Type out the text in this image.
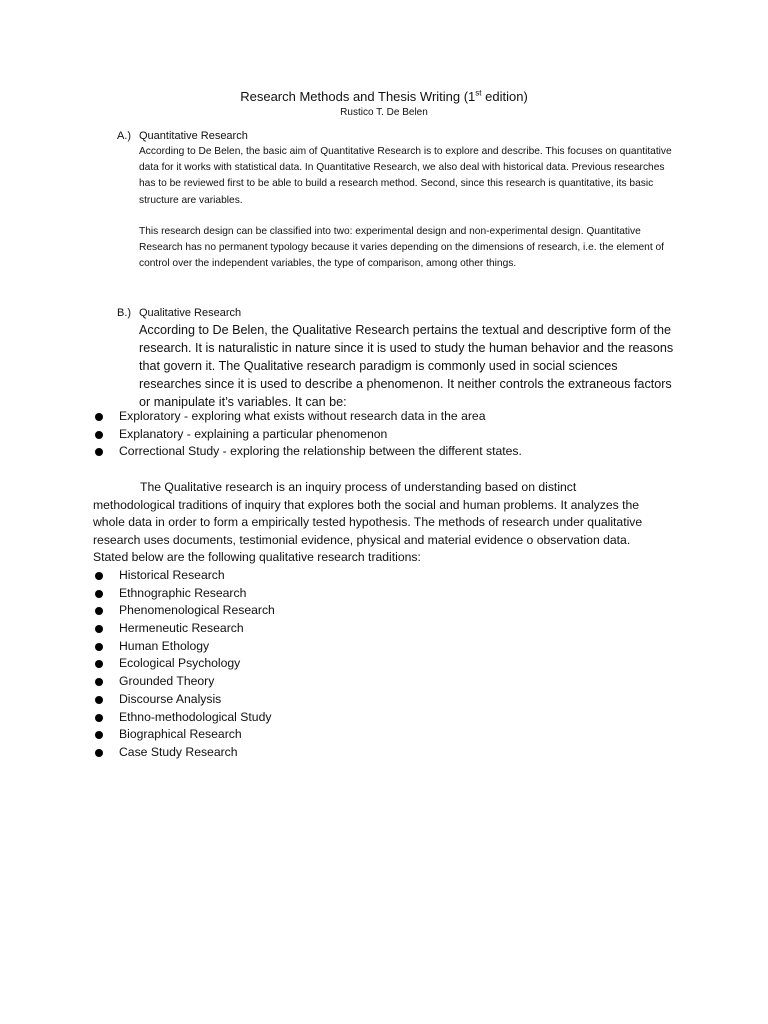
Research Methods and Thesis Writing (1st edition)
Rustico T. De Belen
A.) Quantitative Research

According to De Belen, the basic aim of Quantitative Research is to explore and describe. This focuses on quantitative data for it works with statistical data. In Quantitative Research, we also deal with historical data. Previous researches has to be reviewed first to be able to build a research method. Second, since this research is quantitative, its basic structure are variables.

This research design can be classified into two: experimental design and non-experimental design. Quantitative Research has no permanent typology because it varies depending on the dimensions of research, i.e. the element of control over the independent variables, the type of comparison, among other things.

B.) Qualitative Research

According to De Belen, the Qualitative Research pertains the textual and descriptive form of the research. It is naturalistic in nature since it is used to study the human behavior and the reasons that govern it. The Qualitative research paradigm is commonly used in social sciences researches since it is used to describe a phenomenon. It neither controls the extraneous factors or manipulate it’s variables. It can be:

Exploratory - exploring what exists without research data in the area
Explanatory - explaining a particular phenomenon
Correctional Study - exploring the relationship between the different states.

The Qualitative research is an inquiry process of understanding based on distinct methodological traditions of inquiry that explores both the social and human problems. It analyzes the whole data in order to form a empirically tested hypothesis. The methods of research under qualitative research uses documents, testimonial evidence, physical and material evidence o observation data. Stated below are the following qualitative research traditions:

Historical Research
Ethnographic Research
Phenomenological Research
Hermeneutic Research
Human Ethology
Ecological Psychology
Grounded Theory
Discourse Analysis
Ethno-methodological Study
Biographical Research
Case Study Research
